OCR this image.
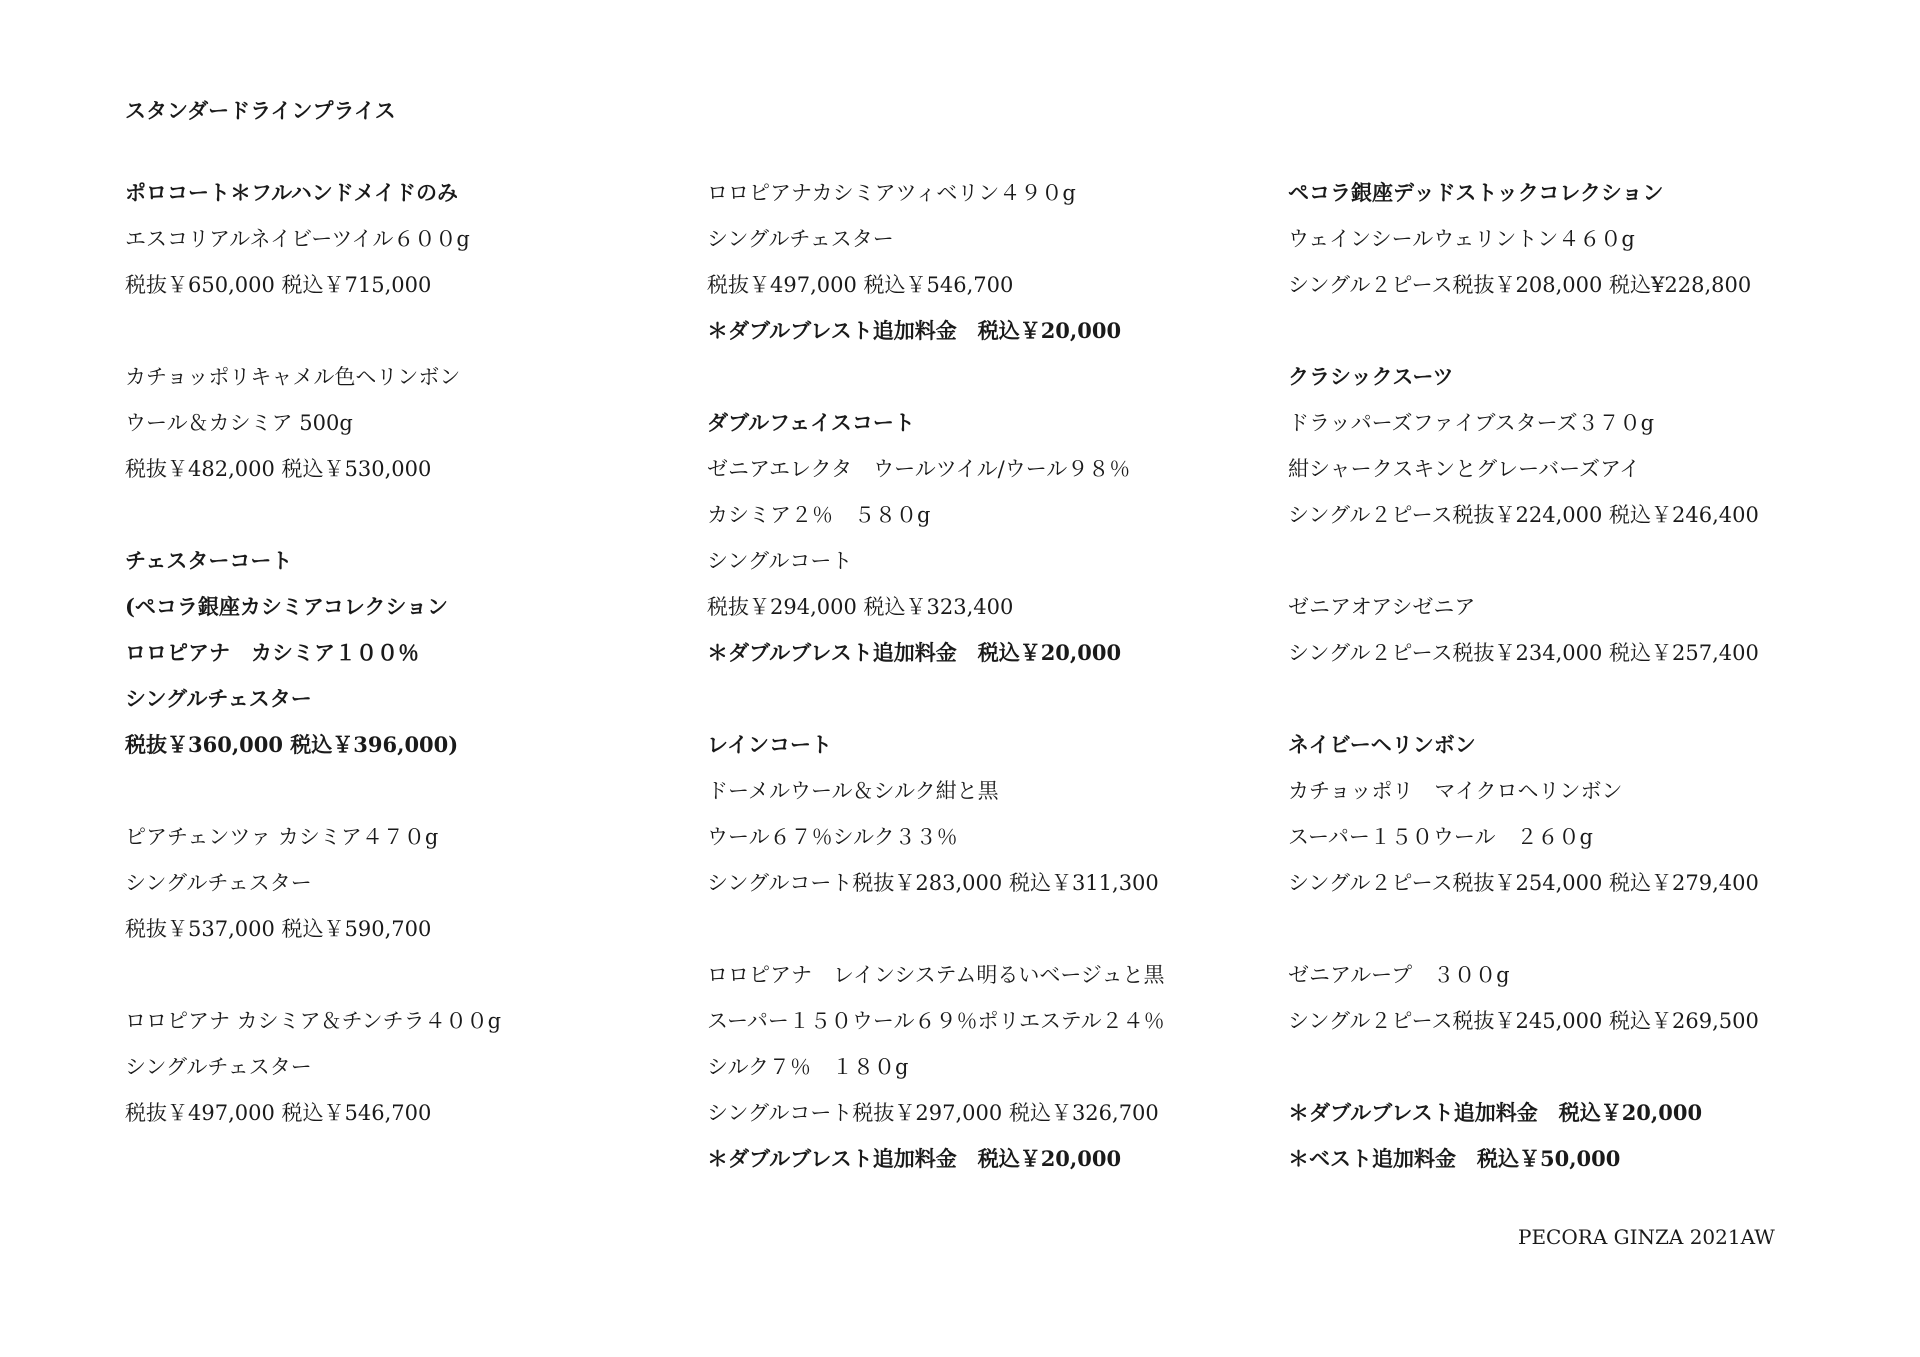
スタンダードラインプライス
ポロコート＊フルハンドメイドのみ
エスコリアルネイビーツイル６００g
税抜￥650,000 税込￥715,000
カチョッポリキャメル色ヘリンボン
ウール＆カシミア 500g
税抜￥482,000 税込￥530,000
チェスターコート
(ペコラ銀座カシミアコレクション
ロロピアナ　カシミア１００％
シングルチェスター
税抜￥360,000 税込￥396,000)
ピアチェンツァ カシミア４７０g
シングルチェスター
税抜￥537,000 税込￥590,700
ロロピアナ カシミア＆チンチラ４００g
シングルチェスター
税抜￥497,000 税込￥546,700
ロロピアナカシミアツィベリン４９０g
シングルチェスター
税抜￥497,000 税込￥546,700
＊ダブルブレスト追加料金　税込￥20,000
ダブルフェイスコート
ゼニアエレクタ　ウールツイル/ウール９８％
カシミア２％　５８０g
シングルコート
税抜￥294,000 税込￥323,400
＊ダブルブレスト追加料金　税込￥20,000
レインコート
ドーメルウール＆シルク紺と黒
ウール６７％シルク３３％
シングルコート税抜￥283,000 税込￥311,300
ロロピアナ　レインシステム明るいベージュと黒
スーパー１５０ウール６９％ポリエステル２４％
シルク７％　１８０g
シングルコート税抜￥297,000 税込￥326,700
＊ダブルブレスト追加料金　税込￥20,000
ペコラ銀座デッドストックコレクション
ウェインシールウェリントン４６０g
シングル２ピース税抜￥208,000 税込¥228,800
クラシックスーツ
ドラッパーズファイブスターズ３７０g
紺シャークスキンとグレーバーズアイ
シングル２ピース税抜￥224,000 税込￥246,400
ゼニアオアシゼニア
シングル２ピース税抜￥234,000 税込￥257,400
ネイビーヘリンボン
カチョッポリ　マイクロヘリンボン
スーパー１５０ウール　２６０g
シングル２ピース税抜￥254,000 税込￥279,400
ゼニアループ　３００g
シングル２ピース税抜￥245,000 税込￥269,500
＊ダブルブレスト追加料金　税込￥20,000
＊ベスト追加料金　税込￥50,000
PECORA GINZA 2021AW
